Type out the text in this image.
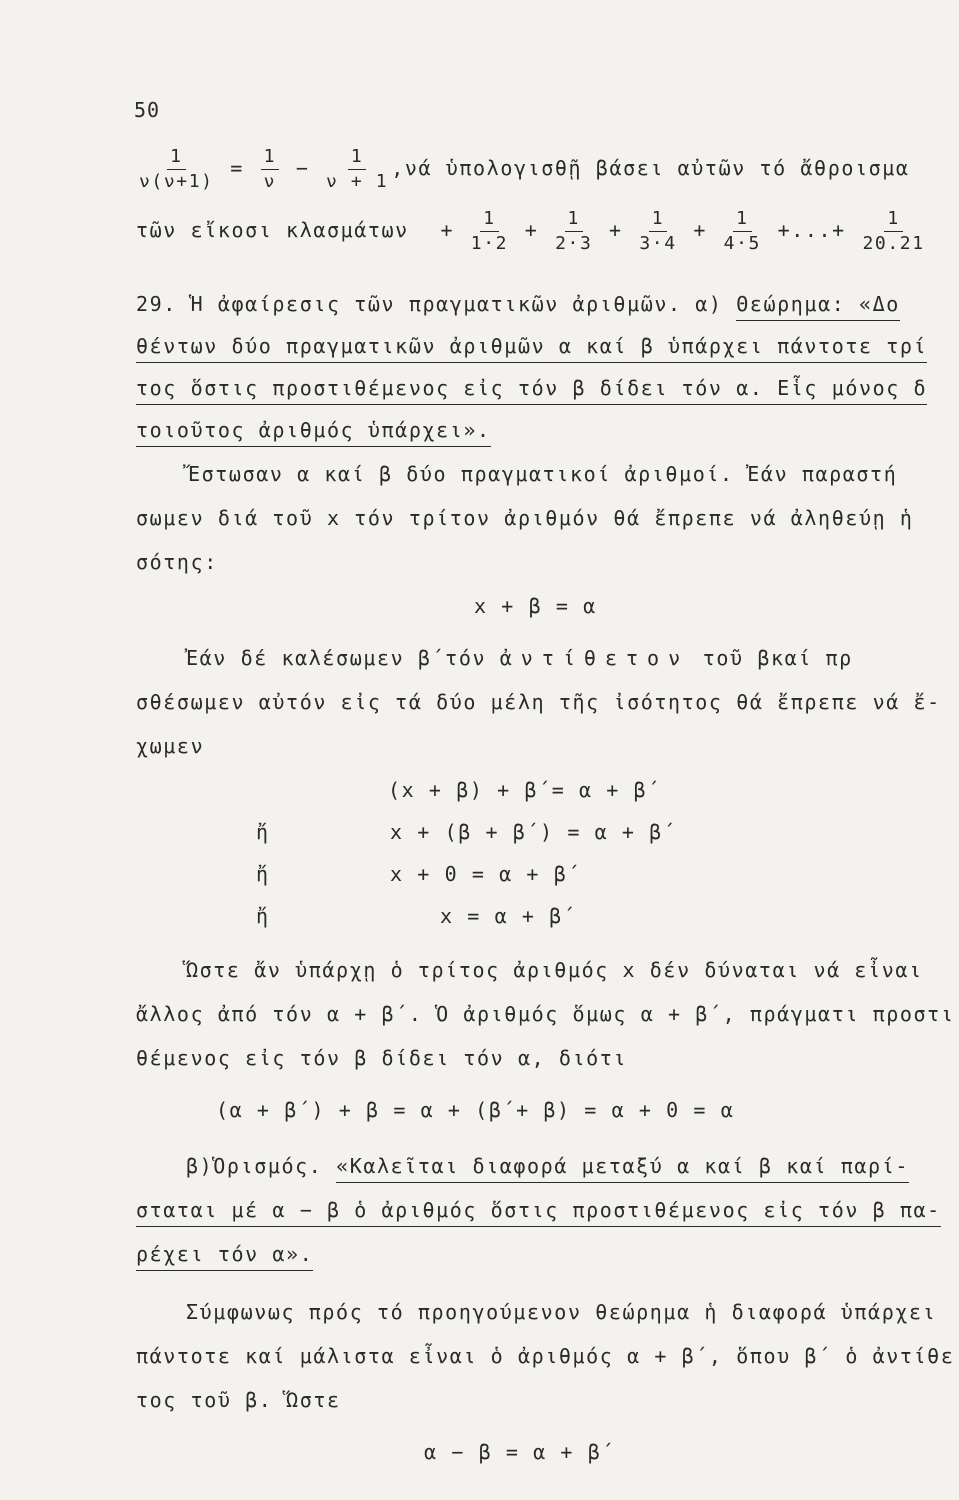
50
$\frac{1}{\nu(\nu+1)} = \frac{1}{\nu} - \frac{1}{\nu + 1} ,\nu ά$ ὑπολογισθῇ βάσει αὐτῶν τό ἄθροισμα
τῶν εἴκοσι $\kappa\lambda\alpha\sigma\mu ά\tau\omega\nu + \frac{1}{1\cdot 2} + \frac{1}{2\cdot 3} + \frac{1}{3\cdot 4} + \frac{1}{4\cdot 5}$ +...+ $\frac{1}{20.21}$
29. Ἡ ἀφαίρεσις τῶν πραγματικῶν ἀριθμῶν. α) Θεώρημα: «Δο
θέντων δύο πραγματικῶν ἀριθμῶν α καί β ὑπάρχει πάντοτε τρί
τος ὅστις προστιθέμενος εἰς τόν β δίδει τόν α. Εἷς μόνος δ
τοιοῦτος ἀριθμός ὑπάρχει».
Ἔστωσαν α καί β δύο πραγματικοί ἀριθμοί. Ἐάν παραστή
σωμεν διά τοῦ x τόν τρίτον ἀριθμόν θά ἔπρεπε νά ἀληθεύῃ ἡ
σότης:
x + β = α
Ἐάν δέ καλέσωμεν β΄τόν ἀντίθετον τοῦ βκαί πρ
σθέσωμεν αὐτόν εἰς τά δύο μέλη τῆς ἰσότητος θά ἔπρεπε νά ἔ-
χωμεν
(x + β) + β΄= α + β΄
ἤ	x + (β + β΄) = α + β΄
ἤ	x + 0 = α + β΄
ἤ	x = α + β΄
Ὥστε ἄν ὑπάρχῃ ὁ τρίτος ἀριθμός x δέν δύναται νά εἶναι
ἄλλος ἀπό τόν α + β΄. Ὁ ἀριθμός ὅμως α + β΄, πράγματι προστι
θέμενος εἰς τόν β δίδει τόν α, διότι
(α + β΄) + β = α + (β΄+ β) = α + 0 = α
β)Ὁρισμός. «Καλεῖται διαφορά μεταξύ α καί β καί παρί-
σταται μέ α − β ὁ ἀριθμός ὅστις προστιθέμενος εἰς τόν β πα-
ρέχει τόν α».
Σύμφωνως πρός τό προηγούμενον θεώρημα ἡ διαφορά ὑπάρχει
πάντοτε καί μάλιστα εἶναι ὁ ἀριθμός α + β΄, ὅπου β΄ ὁ ἀντίθε
τος τοῦ β. Ὥστε
α − β = α + β΄
